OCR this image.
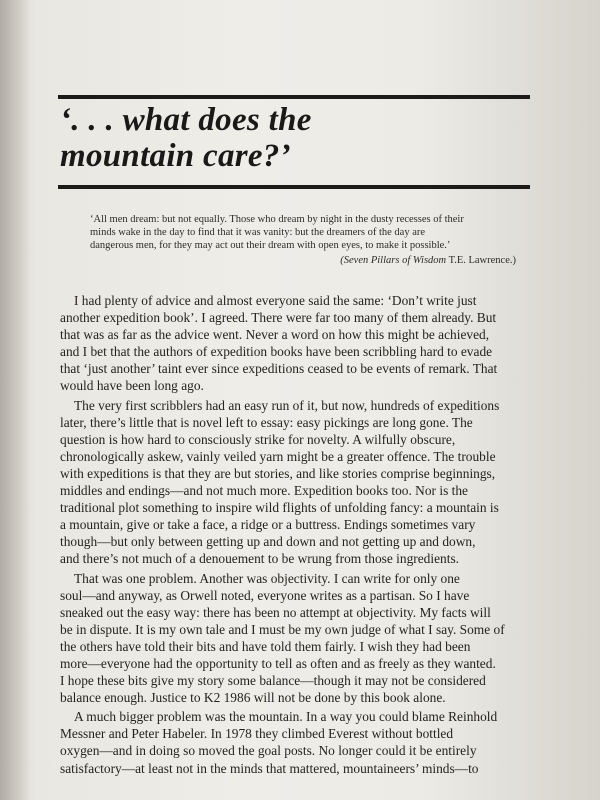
‘. . . what does the
mountain care?’
‘All men dream: but not equally. Those who dream by night in the dusty recesses of their
minds wake in the day to find that it was vanity: but the dreamers of the day are
dangerous men, for they may act out their dream with open eyes, to make it possible.’
(Seven Pillars of Wisdom T.E. Lawrence.)

I had plenty of advice and almost everyone said the same: ‘Don’t write just
another expedition book’. I agreed. There were far too many of them already. But
that was as far as the advice went. Never a word on how this might be achieved,
and I bet that the authors of expedition books have been scribbling hard to evade
that ‘just another’ taint ever since expeditions ceased to be events of remark. That
would have been long ago.

The very first scribblers had an easy run of it, but now, hundreds of expeditions
later, there’s little that is novel left to essay: easy pickings are long gone. The
question is how hard to consciously strike for novelty. A wilfully obscure,
chronologically askew, vainly veiled yarn might be a greater offence. The trouble
with expeditions is that they are but stories, and like stories comprise beginnings,
middles and endings—and not much more. Expedition books too. Nor is the
traditional plot something to inspire wild flights of unfolding fancy: a mountain is
a mountain, give or take a face, a ridge or a buttress. Endings sometimes vary
though—but only between getting up and down and not getting up and down,
and there’s not much of a denouement to be wrung from those ingredients.

That was one problem. Another was objectivity. I can write for only one
soul—and anyway, as Orwell noted, everyone writes as a partisan. So I have
sneaked out the easy way: there has been no attempt at objectivity. My facts will
be in dispute. It is my own tale and I must be my own judge of what I say. Some of
the others have told their bits and have told them fairly. I wish they had been
more—everyone had the opportunity to tell as often and as freely as they wanted.
I hope these bits give my story some balance—though it may not be considered
balance enough. Justice to K2 1986 will not be done by this book alone.

A much bigger problem was the mountain. In a way you could blame Reinhold
Messner and Peter Habeler. In 1978 they climbed Everest without bottled
oxygen—and in doing so moved the goal posts. No longer could it be entirely
satisfactory—at least not in the minds that mattered, mountaineers’ minds—to
